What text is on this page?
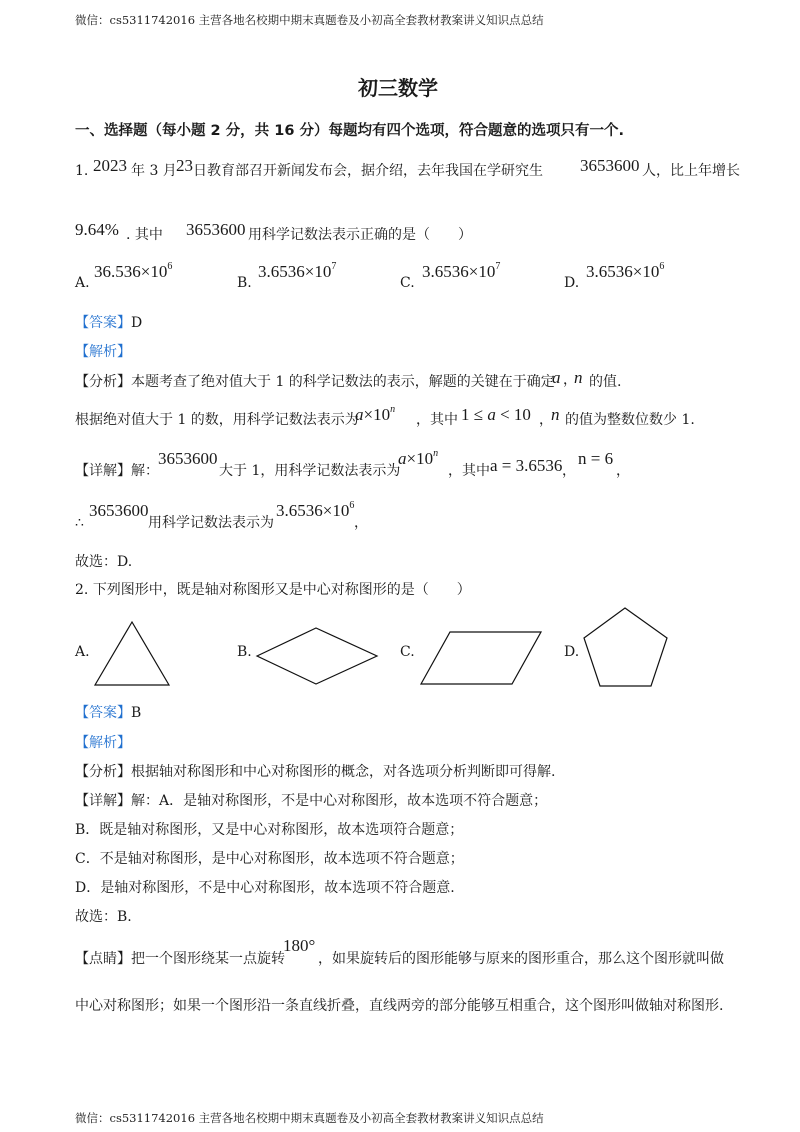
微信：cs5311742016 主营各地名校期中期末真题卷及小初高全套教材教案讲义知识点总结
微信：cs5311742016 主营各地名校期中期末真题卷及小初高全套教材教案讲义知识点总结
初三数学
一、选择题（每小题 2 分，共 16 分）每题均有四个选项，符合题意的选项只有一个.
1. 2023 年 3 月 23 日教育部召开新闻发布会，据介绍，去年我国在学研究生 3653600 人，比上年增长
9.64% . 其中 3653600 用科学记数法表示正确的是（　　）
A.
$36.536\times 10^6$
B.
$3.6536\times 10^7$
C.
$3.6536\times 10^7$
D.
$3.6536\times 10^6$
【答案】D
【解析】
【分析】本题考查了绝对值大于 1 的科学记数法的表示，解题的关键在于确定
a ，
n 的值.
根据绝对值大于 1 的数，用科学记数法表示为
$a\times 10^n$
，其中 1 ≤ a < 10 ，
n 的值为整数位数少 1.
【详解】解：
3653600
大于 1，用科学记数法表示为
$a\times 10^n$
，其中 a = 3.6536 ，
n = 6
，
∴
3653600
用科学记数法表示为
$3.6536\times 10^6$
，
故选：D.
2. 下列图形中，既是轴对称图形又是中心对称图形的是（　　）
A.	B.	C.	D.
【答案】B
【解析】
【分析】根据轴对称图形和中心对称图形的概念，对各选项分析判断即可得解.
【详解】解：A．是轴对称图形，不是中心对称图形，故本选项不符合题意；
B．既是轴对称图形，又是中心对称图形，故本选项符合题意；
C．不是轴对称图形，是中心对称图形，故本选项不符合题意；
D．是轴对称图形，不是中心对称图形，故本选项不符合题意.
故选：B.
【点睛】把一个图形绕某一点旋转
180°
，如果旋转后的图形能够与原来的图形重合，那么这个图形就叫做
中心对称图形；如果一个图形沿一条直线折叠，直线两旁的部分能够互相重合，这个图形叫做轴对称图形.
